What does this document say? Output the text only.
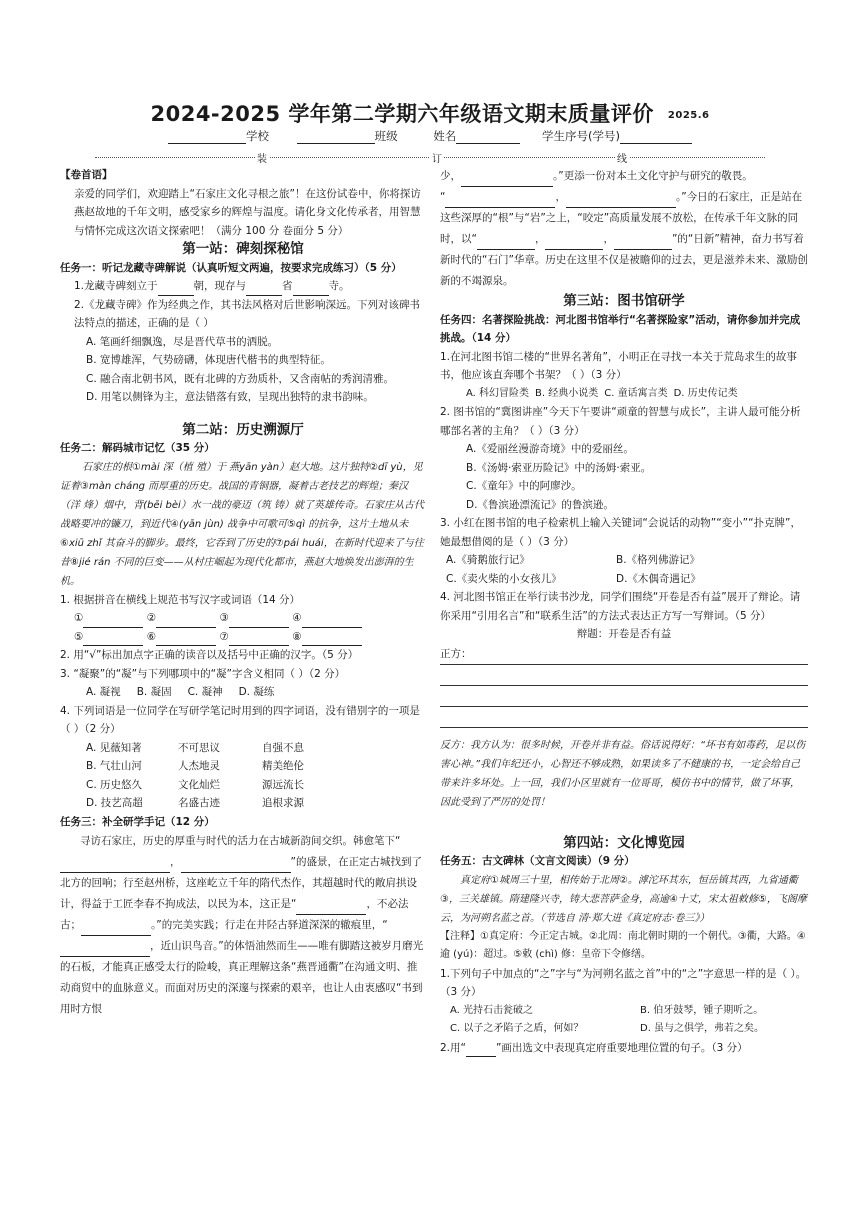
2024-2025 学年第二学期六年级语文期末质量评价 2025.6
学校	班级	姓名	学生序号(学号)
装	订	线

【卷首语】

亲爱的同学们，欢迎踏上“石家庄文化寻根之旅”！在这份试卷中，你将探访燕赵故地的千年文明，感受家乡的辉煌与温度。请化身文化传承者，用智慧与情怀完成这次语文探索吧！（满分 100 分 卷面分 5 分）

第一站：碑刻探秘馆

任务一：听记龙藏寺碑解说（认真听短文两遍，按要求完成练习）（5 分）

1.龙藏寺碑刻立于	朝，现存与	省	寺。

2.《龙藏寺碑》作为经典之作，其书法风格对后世影响深远。下列对该碑书法特点的描述，正确的是（ ）

A. 笔画纤细飘逸，尽是晋代草书的洒脱。

B. 宽博雄浑，气势磅礴，体现唐代楷书的典型特征。

C. 融合南北朝书风，既有北碑的方劲质朴，又含南帖的秀润清雅。

D. 用笔以侧锋为主，意法错落有致，呈现出独特的隶书韵味。

第二站：历史溯源厅

任务二：解码城市记忆（35 分）

石家庄的根①mài 深（植 殖）于 燕yān yàn）赵大地。这片独特②dī yù，见证着③màn cháng 而厚重的历史。战国的青铜器，凝着古老技艺的辉煌；秦汉（洋 烽）烟中，背(bēi bèi）水一战的豪迈（筑 铸）就了英雄传奇。石家庄从古代战略要冲的镰刀，到近代④(yān jùn) 战争中可歌可⑤qì 的抗争，这片土地从未⑥xiū zhǐ 其奋斗的脚步。最终，它吞到了历史的⑦pái huái，在新时代迎来了与往昔⑧jié rán 不同的巨变——从村庄崛起为现代化都市，燕赵大地焕发出澎湃的生机。

1. 根据拼音在横线上规范书写汉字或词语（14 分）

①	②	③	④

⑤	⑥	⑦	⑧

2. 用“√”标出加点字正确的读音以及括号中正确的汉字。（5 分）

3. “凝聚”的“凝”与下列哪项中的“凝”字含义相同（ ）（2 分）

A. 凝视 B. 凝固 C. 凝神 D. 凝练

4. 下列词语是一位同学在写研学笔记时用到的四字词语，没有错别字的一项是（ ）（2 分）

A. 见薇知著	不可思议	自强不息
B. 气壮山河	人杰地灵	精美绝伦
C. 历史悠久	文化灿烂	源远流长
D. 技艺高超	名盛古迹	追根求源

任务三：补全研学手记（12 分）

寻访石家庄，历史的厚重与时代的活力在古城新韵间交织。韩愈笔下“，	”的盛景，在正定古城找到了北方的回响；行至赵州桥，这座屹立千年的隋代杰作，其超越时代的敞肩拱设计，得益于工匠李春不拘成法，以民为本，这正是“	，不必法古；	。”的完美实践；行走在井陉古驿道深深的辙痕里，“，近山识鸟音。”的体悟油然而生——唯有脚踏这被岁月磨光的石板，才能真正感受太行的险峻，真正理解这条“燕晋通衢”在沟通文明、推动商贸中的血脉意义。而面对历史的深邃与探索的艰辛，也让人由衷感叹“书到用时方恨

少，	。”更添一份对本土文化守护与研究的敬畏。
“	，	。”今日的石家庄，正是站在这些深厚的“根”与“岩”之上，“咬定”高质量发展不放松，在传承千年文脉的同时，以“	，	，	”的“日新”精神，奋力书写着新时代的“石门”华章。历史在这里不仅是被瞻仰的过去，更是滋养未来、激励创新的不竭源泉。

第三站：图书馆研学

任务四：名著探险挑战：河北图书馆举行“名著探险家”活动，请你参加并完成挑战。（14 分）

1.在河北图书馆二楼的“世界名著角”，小明正在寻找一本关于荒岛求生的故事书，他应该直奔哪个书架？（ ）（3 分）

A. 科幻冒险类 B. 经典小说类 C. 童话寓言类 D. 历史传记类

2. 图书馆的“冀图讲座”今天下午要讲“顽童的智慧与成长”，主讲人最可能分析哪部名著的主角？（ ）（3 分）

A.《爱丽丝漫游奇境》中的爱丽丝。

B.《汤姆·索亚历险记》中的汤姆·索亚。

C.《童年》中的阿廖沙。

D.《鲁滨逊漂流记》的鲁滨逊。

3. 小红在图书馆的电子检索机上输入关键词“会说话的动物”“变小”“扑克牌”，她最想借阅的是（ ）（3 分）

A.《骑鹅旅行记》	B.《格列佛游记》
C.《卖火柴的小女孩儿》	D.《木偶奇遇记》

4. 河北图书馆正在举行读书沙龙，同学们围绕“开卷是否有益”展开了辩论。请你采用“引用名言”和“联系生活”的方法式表达正方写一写辩词。（5 分）

辩题：开卷是否有益

正方：

反方：我方认为：很多时候，开卷并非有益。俗话说得好：“坏书有如毒药，足以伤害心神。”我们年纪还小，心智还不够成熟，如果读多了不健康的书，一定会给自己带来许多坏处。上一回，我们小区里就有一位哥哥，模仿书中的情节，做了坏事，因此受到了严厉的处罚！

第四站：文化博览园

任务五：古文碑林（文言文阅读）（9 分）

真定府①城周三十里，相传始于北周②。滹沱环其东，恒岳镇其西，九省通衢③，三关雄镇。隋建隆兴寺，铸大悲菩萨金身，高逾④十丈，宋太祖敕修⑤，飞阁摩云，为河朔名蓝之首。（节选自 清·郑大进《真定府志·卷三》）

【注释】①真定府：今正定古城。②北周：南北朝时期的一个朝代。③衢，大路。④逾 (yú)：超过。⑤敕 (chì) 修：皇帝下令修缮。

1.下列句子中加点的“之”字与“为河朔名蓝之首”中的“之”字意思一样的是（ ）。（3 分）

A. 光持石击瓮破之	B. 伯牙鼓琴，锺子期听之。
C. 以子之矛陷子之盾，何如？	D. 虽与之俱学，弗若之矣。

2.用“	”画出选文中表现真定府重要地理位置的句子。（3 分）
